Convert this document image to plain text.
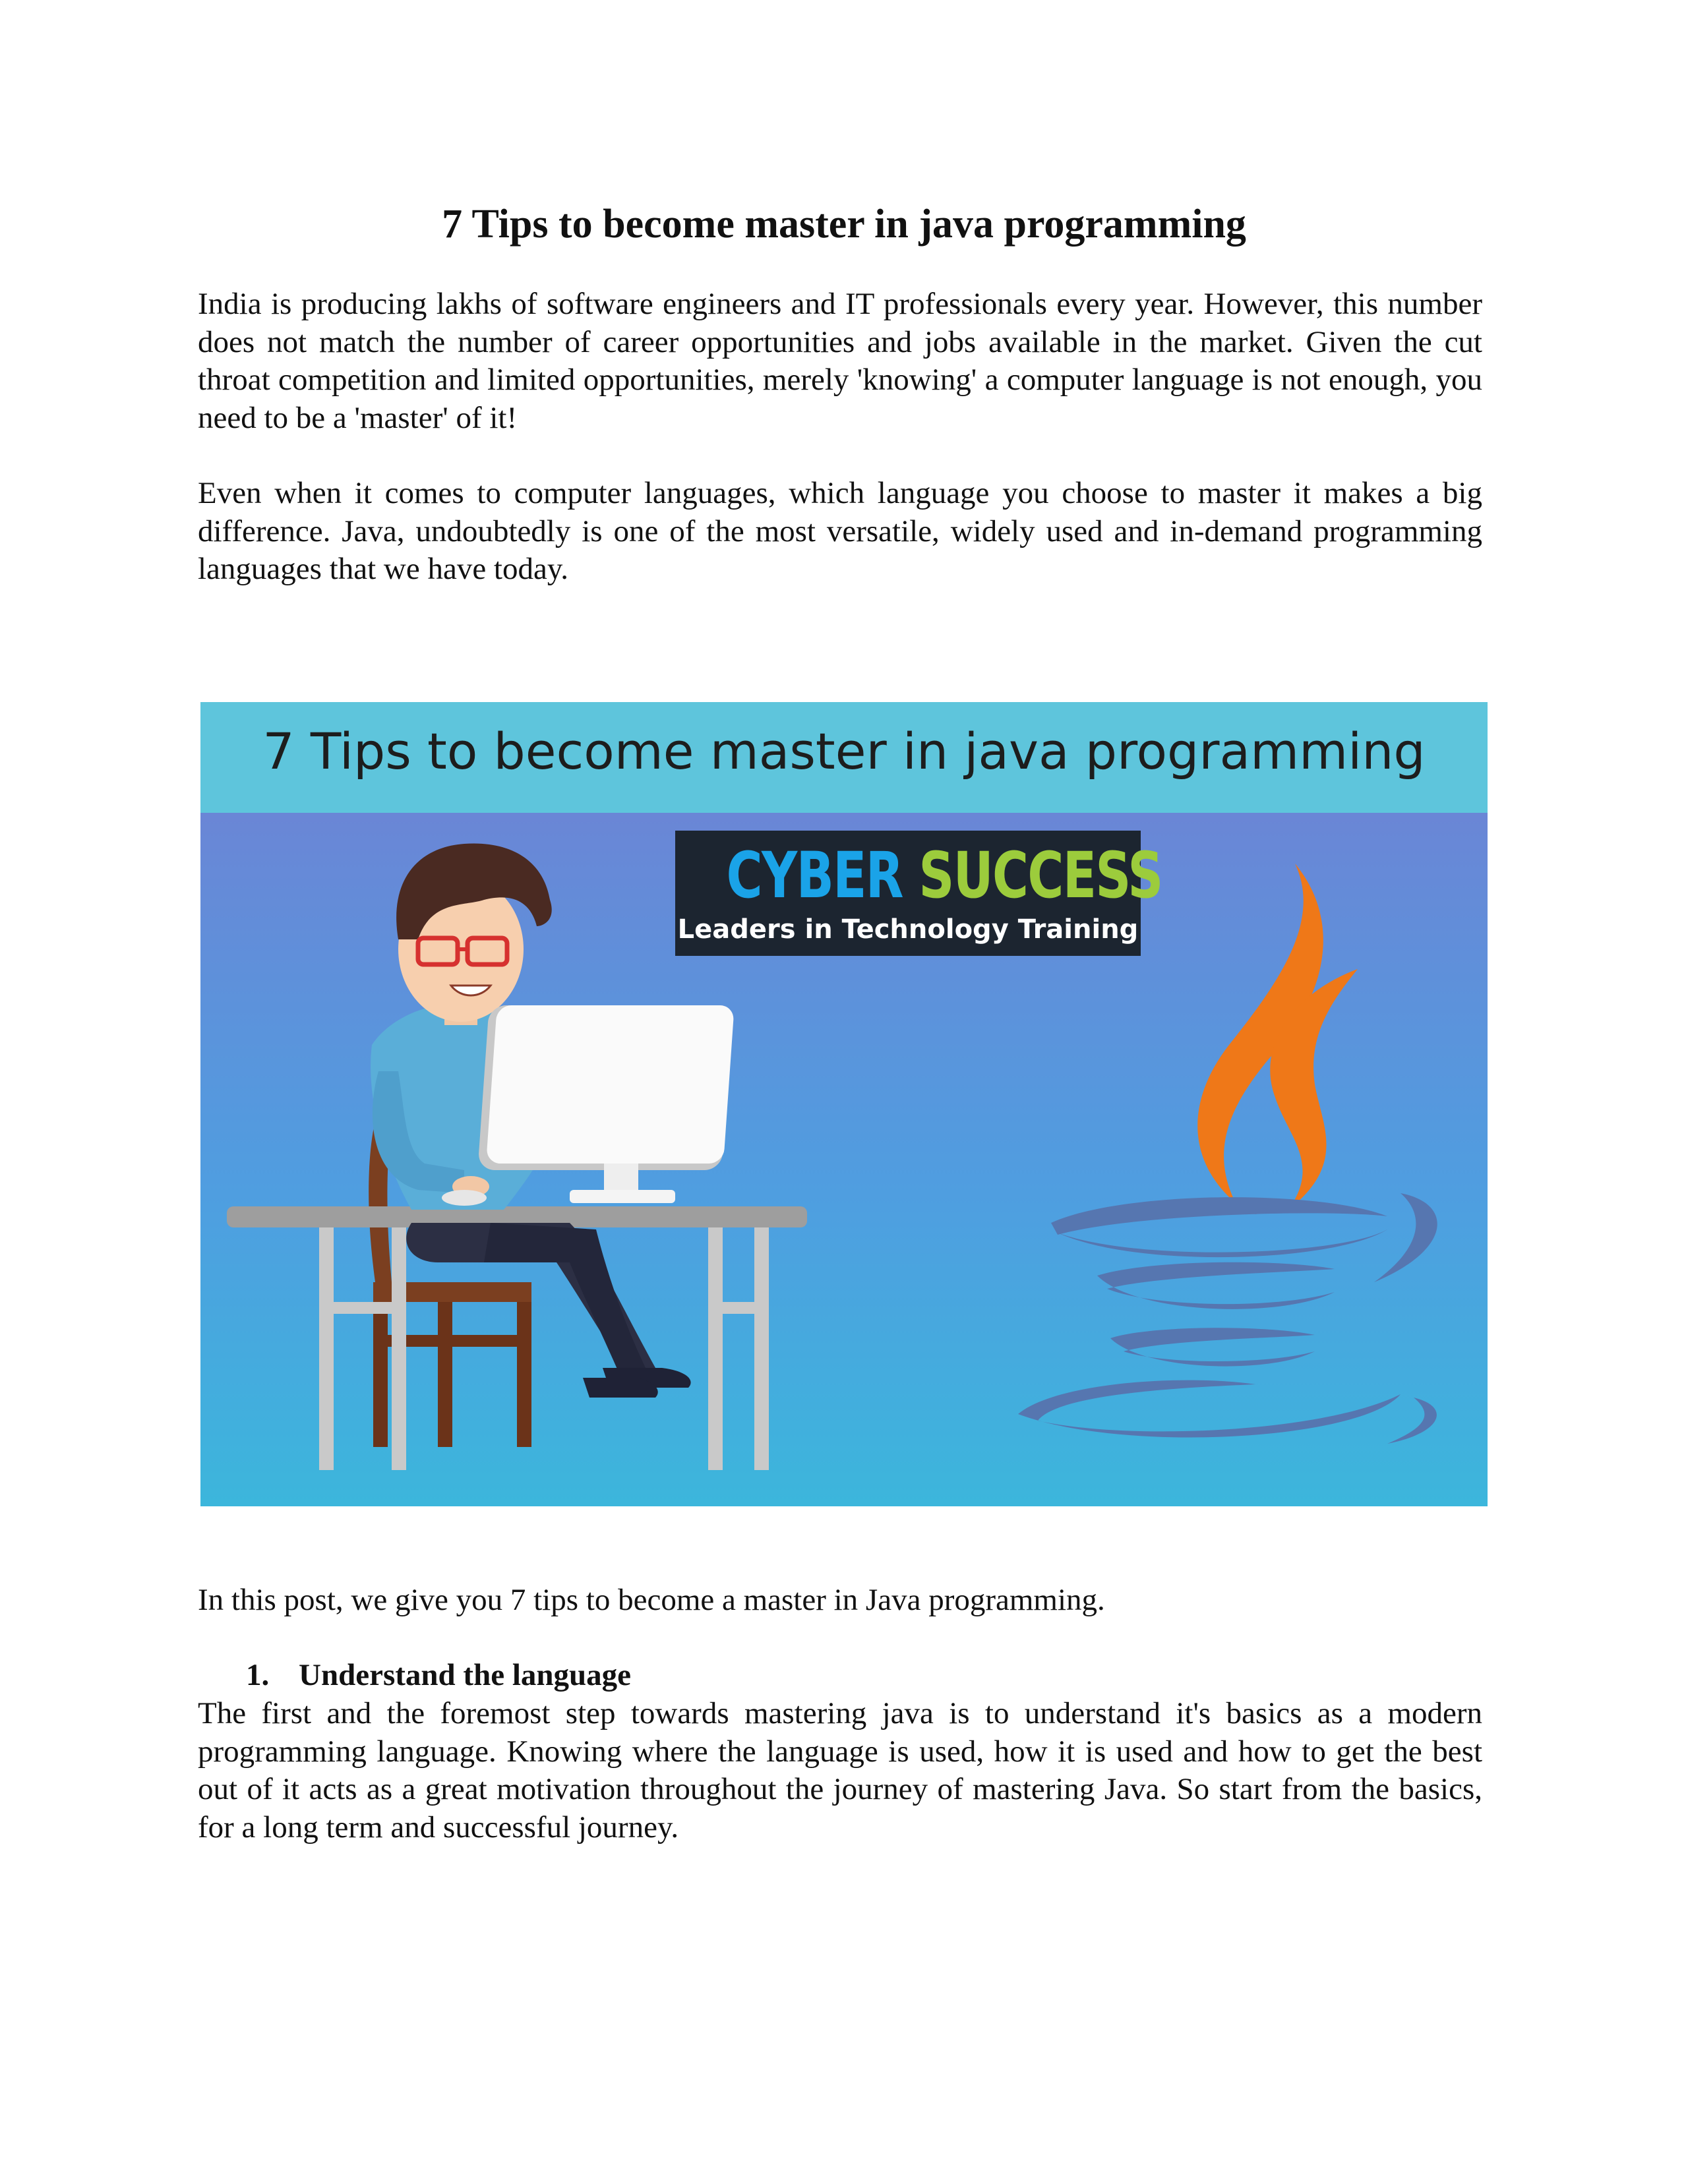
7 Tips to become master in java programming

India is producing lakhs of software engineers and IT professionals every year. However, this number does not match the number of career opportunities and jobs available in the market. Given the cut throat competition and limited opportunities, merely 'knowing' a computer language is not enough, you need to be a 'master' of it!

Even when it comes to computer languages, which language you choose to master it makes a big difference. Java, undoubtedly is one of the most versatile, widely used and in-demand programming languages that we have today.

7 Tips to become master in java programming
CYBER SUCCESS
Leaders in Technology Training

In this post, we give you 7 tips to become a master in Java programming.

1. Understand the language

The first and the foremost step towards mastering java is to understand it's basics as a modern programming language. Knowing where the language is used, how it is used and how to get the best out of it acts as a great motivation throughout the journey of mastering Java. So start from the basics, for a long term and successful journey.
